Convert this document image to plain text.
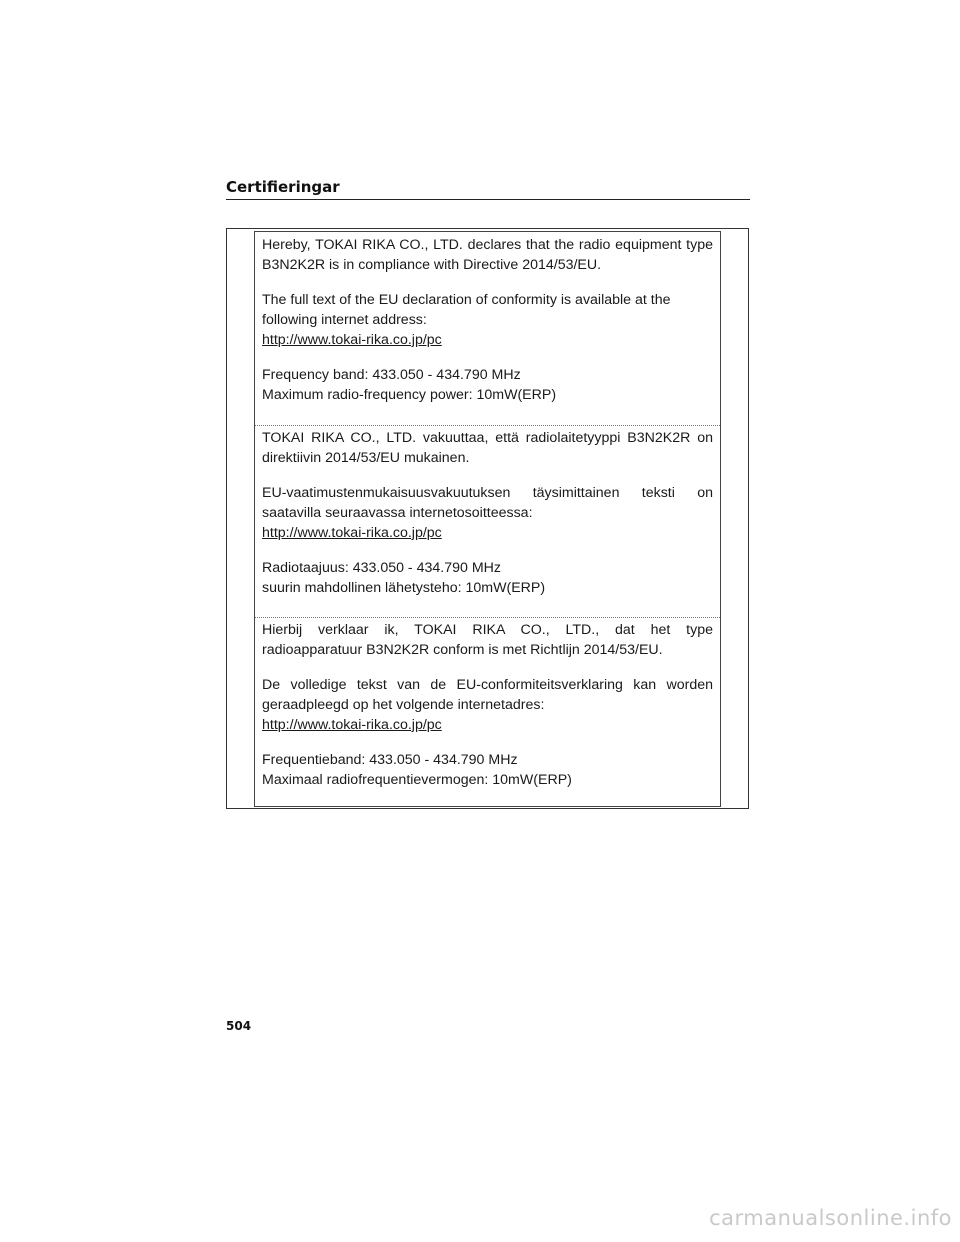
Certifieringar

Hereby, TOKAI RIKA CO., LTD. declares that the radio equipment type

B3N2K2R is in compliance with Directive 2014/53/EU.

The full text of the EU declaration of conformity is available at the

following internet address:

http://www.tokai-rika.co.jp/pc

Frequency band: 433.050 - 434.790 MHz

Maximum radio-frequency power: 10mW(ERP)

TOKAI RIKA CO., LTD. vakuuttaa, että radiolaitetyyppi B3N2K2R on

direktiivin 2014/53/EU mukainen.

EU-vaatimustenmukaisuusvakuutuksen täysimittainen teksti on

saatavilla seuraavassa internetosoitteessa:

http://www.tokai-rika.co.jp/pc

Radiotaajuus: 433.050 - 434.790 MHz

suurin mahdollinen lähetysteho: 10mW(ERP)

Hierbij verklaar ik, TOKAI RIKA CO., LTD., dat het type

radioapparatuur B3N2K2R conform is met Richtlijn 2014/53/EU.

De volledige tekst van de EU-conformiteitsverklaring kan worden

geraadpleegd op het volgende internetadres:

http://www.tokai-rika.co.jp/pc

Frequentieband: 433.050 - 434.790 MHz

Maximaal radiofrequentievermogen: 10mW(ERP)

504
carmanualsonline.info
